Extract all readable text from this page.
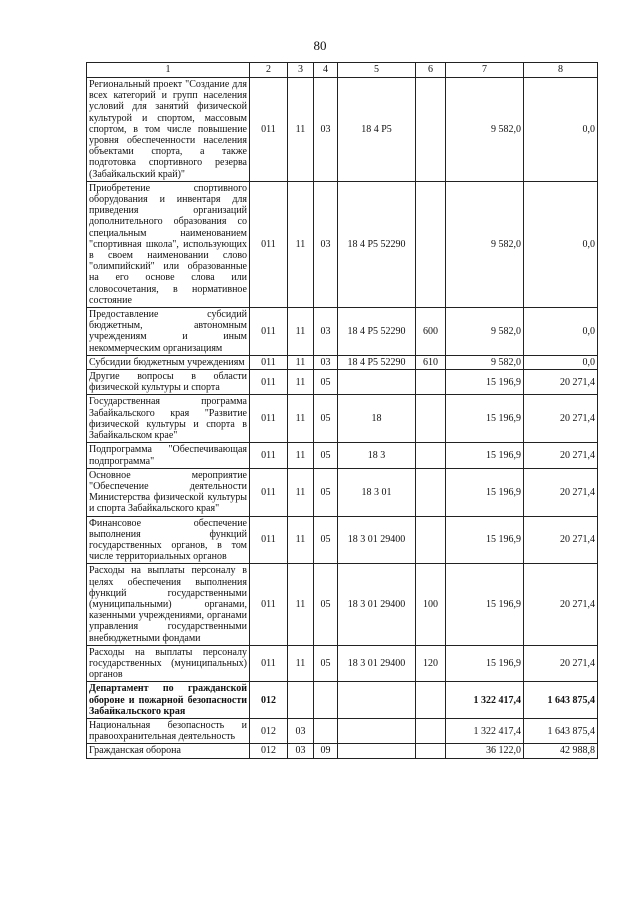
80
1	2	3	4	5	6	7	8
Региональный проект "Создание для всех категорий и групп населения условий для занятий физической культурой и спортом, массовым спортом, в том числе повышение уровня обеспеченности населения объектами спорта, а также подготовка спортивного резерва (Забайкальский край)"	011	11	03	18 4 P5		9 582,0	0,0
Приобретение спортивного оборудования и инвентаря для приведения организаций дополнительного образования со специальным наименованием "спортивная школа", использующих в своем наименовании слово "олимпийский" или образованные на его основе слова или словосочетания, в нормативное состояние	011	11	03	18 4 P5 52290		9 582,0	0,0
Предоставление субсидий бюджетным, автономным учреждениям и иным некоммерческим организациям	011	11	03	18 4 P5 52290	600	9 582,0	0,0
Субсидии бюджетным учреждениям	011	11	03	18 4 P5 52290	610	9 582,0	0,0
Другие вопросы в области физической культуры и спорта	011	11	05			15 196,9	20 271,4
Государственная программа Забайкальского края "Развитие физической культуры и спорта в Забайкальском крае"	011	11	05	18		15 196,9	20 271,4
Подпрограмма "Обеспечивающая подпрограмма"	011	11	05	18 3		15 196,9	20 271,4
Основное мероприятие "Обеспечение деятельности Министерства физической культуры и спорта Забайкальского края"	011	11	05	18 3 01		15 196,9	20 271,4
Финансовое обеспечение выполнения функций государственных органов, в том числе территориальных органов	011	11	05	18 3 01 29400		15 196,9	20 271,4
Расходы на выплаты персоналу в целях обеспечения выполнения функций государственными (муниципальными) органами, казенными учреждениями, органами управления государственными внебюджетными фондами	011	11	05	18 3 01 29400	100	15 196,9	20 271,4
Расходы на выплаты персоналу государственных (муниципальных) органов	011	11	05	18 3 01 29400	120	15 196,9	20 271,4
Департамент по гражданской обороне и пожарной безопасности Забайкальского края	012					1 322 417,4	1 643 875,4
Национальная безопасность и правоохранительная деятельность	012	03				1 322 417,4	1 643 875,4
Гражданская оборона	012	03	09			36 122,0	42 988,8
